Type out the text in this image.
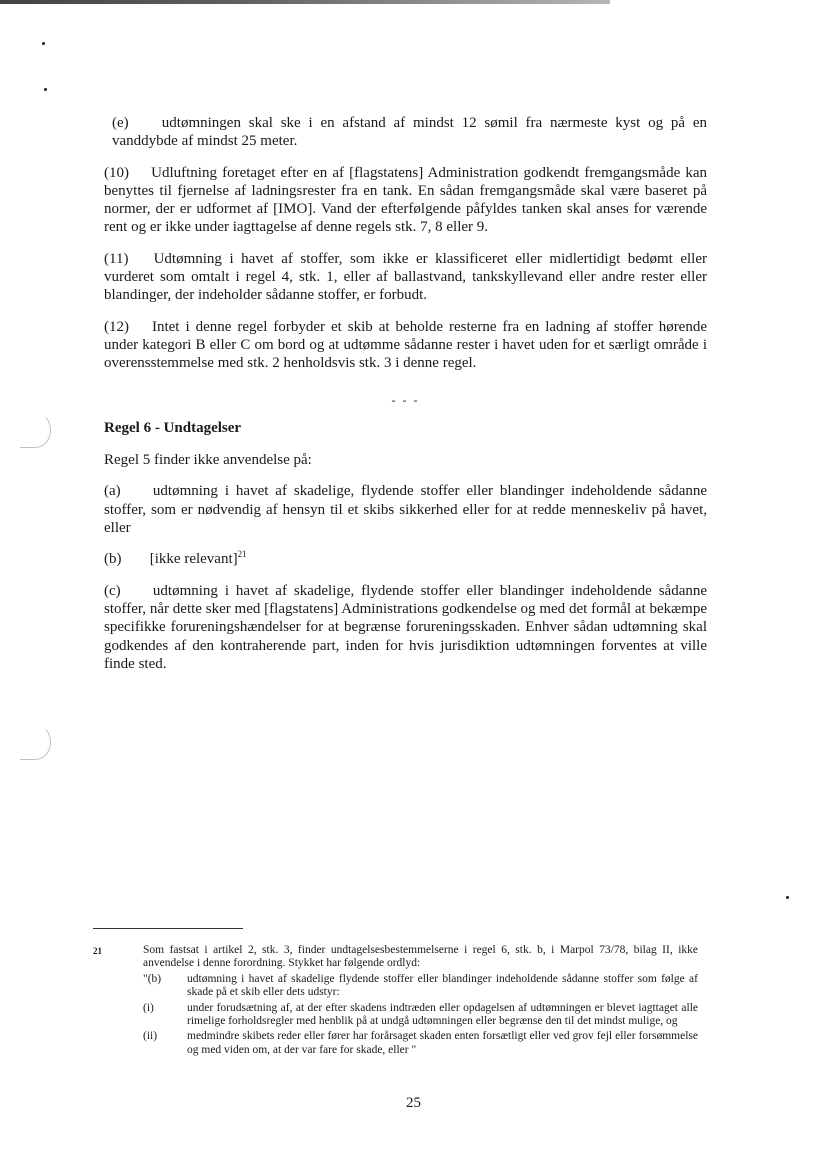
(e) udtømningen skal ske i en afstand af mindst 12 sømil fra nærmeste kyst og på en vanddybde af mindst 25 meter.

(10) Udluftning foretaget efter en af [flagstatens] Administration godkendt fremgangsmåde kan benyttes til fjernelse af ladningsrester fra en tank. En sådan fremgangsmåde skal være baseret på normer, der er udformet af [IMO]. Vand der efterfølgende påfyldes tanken skal anses for værende rent og er ikke under iagttagelse af denne regels stk. 7, 8 eller 9.

(11) Udtømning i havet af stoffer, som ikke er klassificeret eller midlertidigt bedømt eller vurderet som omtalt i regel 4, stk. 1, eller af ballastvand, tankskyllevand eller andre rester eller blandinger, der indeholder sådanne stoffer, er forbudt.

(12) Intet i denne regel forbyder et skib at beholde resterne fra en ladning af stoffer hørende under kategori B eller C om bord og at udtømme sådanne rester i havet uden for et særligt område i overensstemmelse med stk. 2 henholdsvis stk. 3 i denne regel.

- - -

Regel 6 - Undtagelser

Regel 5 finder ikke anvendelse på:

(a) udtømning i havet af skadelige, flydende stoffer eller blandinger indeholdende sådanne stoffer, som er nødvendig af hensyn til et skibs sikkerhed eller for at redde menneskeliv på havet, eller

(b) [ikke relevant]$^{21}$

(c) udtømning i havet af skadelige, flydende stoffer eller blandinger indeholdende sådanne stoffer, når dette sker med [flagstatens] Administrations godkendelse og med det formål at bekæmpe specifikke forureningshændelser for at begrænse forureningsskaden. Enhver sådan udtømning skal godkendes af den kontraherende part, inden for hvis jurisdiktion udtømningen forventes at ville finde sted.

21	Som fastsat i artikel 2, stk. 3, finder undtagelsesbestemmelserne i regel 6, stk. b, i Marpol 73/78, bilag II, ikke anvendelse i denne forordning. Stykket har følgende ordlyd:

"(b)	udtømning i havet af skadelige flydende stoffer eller blandinger indeholdende sådanne stoffer som følge af skade på et skib eller dets udstyr:
(i)	under forudsætning af, at der efter skadens indtræden eller opdagelsen af udtømningen er blevet iagttaget alle rimelige forholdsregler med henblik på at undgå udtømningen eller begrænse den til det mindst mulige, og
(ii)	medmindre skibets reder eller fører har forårsaget skaden enten forsætligt eller ved grov fejl eller forsømmelse og med viden om, at der var fare for skade, eller "
25
